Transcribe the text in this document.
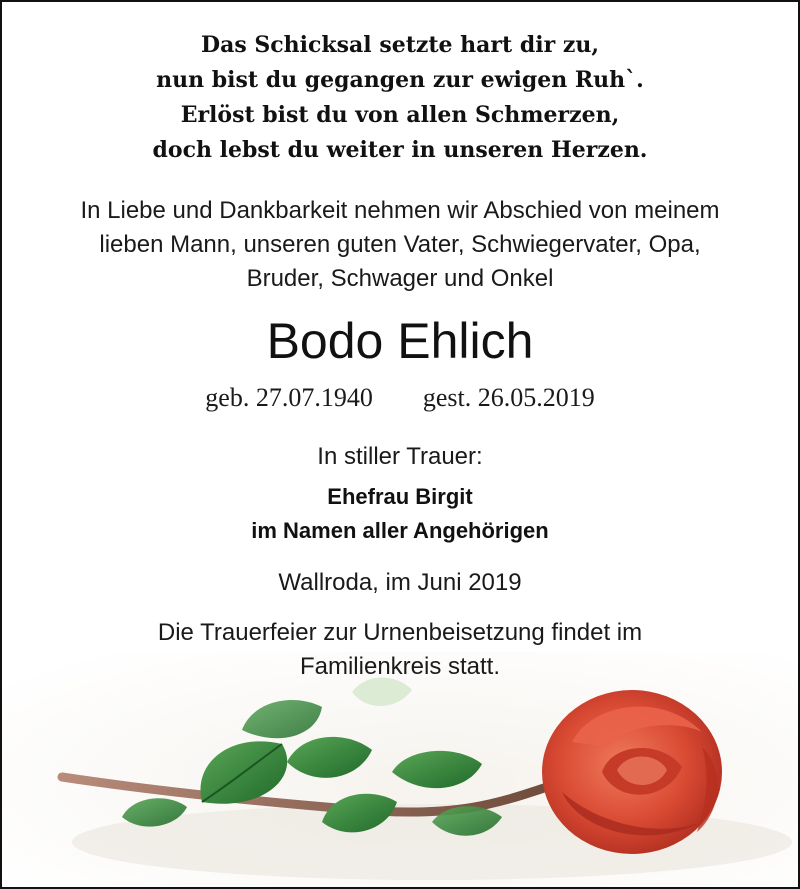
Das Schicksal setzte hart dir zu,
nun bist du gegangen zur ewigen Ruh`.
Erlöst bist du von allen Schmerzen,
doch lebst du weiter in unseren Herzen.
In Liebe und Dankbarkeit nehmen wir Abschied von meinem
lieben Mann, unseren guten Vater, Schwiegervater, Opa,
Bruder, Schwager und Onkel
Bodo Ehlich
geb. 27.07.1940 gest. 26.05.2019
In stiller Trauer:
Ehefrau Birgit
im Namen aller Angehörigen
Wallroda, im Juni 2019
Die Trauerfeier zur Urnenbeisetzung findet im
Familienkreis statt.
